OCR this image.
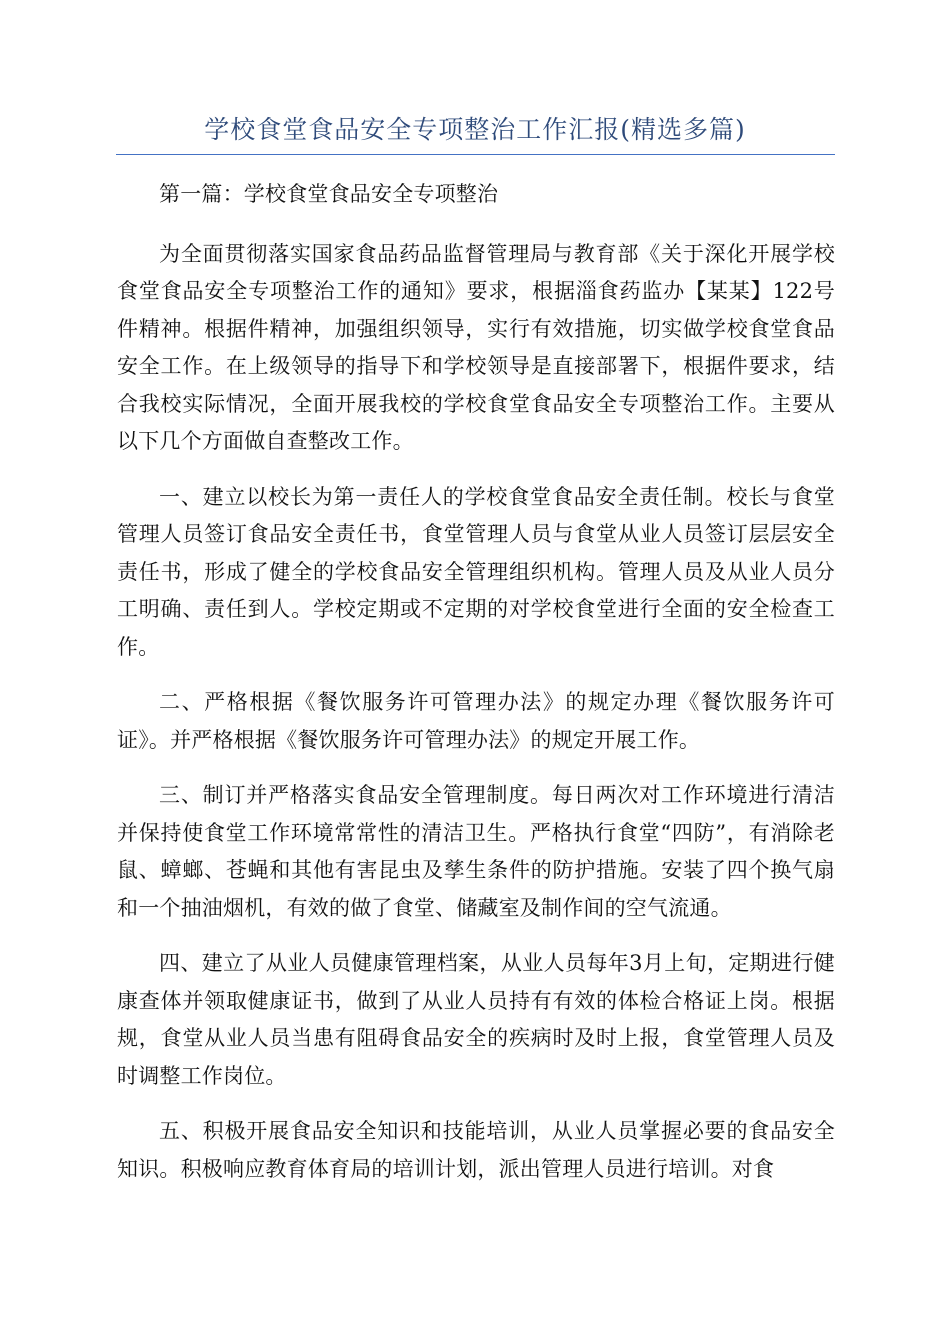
学校食堂食品安全专项整治工作汇报(精选多篇)

第一篇：学校食堂食品安全专项整治

为全面贯彻落实国家食品药品监督管理局与教育部《关于深化开展学校食堂食品安全专项整治工作的通知》要求，根据淄食药监办【某某】122号件精神。根据件精神，加强组织领导，实行有效措施，切实做学校食堂食品安全工作。在上级领导的指导下和学校领导是直接部署下，根据件要求，结合我校实际情况，全面开展我校的学校食堂食品安全专项整治工作。主要从以下几个方面做自查整改工作。

一、建立以校长为第一责任人的学校食堂食品安全责任制。校长与食堂管理人员签订食品安全责任书，食堂管理人员与食堂从业人员签订层层安全责任书，形成了健全的学校食品安全管理组织机构。管理人员及从业人员分工明确、责任到人。学校定期或不定期的对学校食堂进行全面的安全检查工作。

二、严格根据《餐饮服务许可管理办法》的规定办理《餐饮服务许可证》。并严格根据《餐饮服务许可管理办法》的规定开展工作。

三、制订并严格落实食品安全管理制度。每日两次对工作环境进行清洁并保持使食堂工作环境常常性的清洁卫生。严格执行食堂“四防”，有消除老鼠、蟑螂、苍蝇和其他有害昆虫及孳生条件的防护措施。安装了四个换气扇和一个抽油烟机，有效的做了食堂、储藏室及制作间的空气流通。

四、建立了从业人员健康管理档案，从业人员每年3月上旬，定期进行健康查体并领取健康证书，做到了从业人员持有有效的体检合格证上岗。根据规，食堂从业人员当患有阻碍食品安全的疾病时及时上报，食堂管理人员及时调整工作岗位。

五、积极开展食品安全知识和技能培训，从业人员掌握必要的食品安全知识。积极响应教育体育局的培训计划，派出管理人员进行培训。对食
